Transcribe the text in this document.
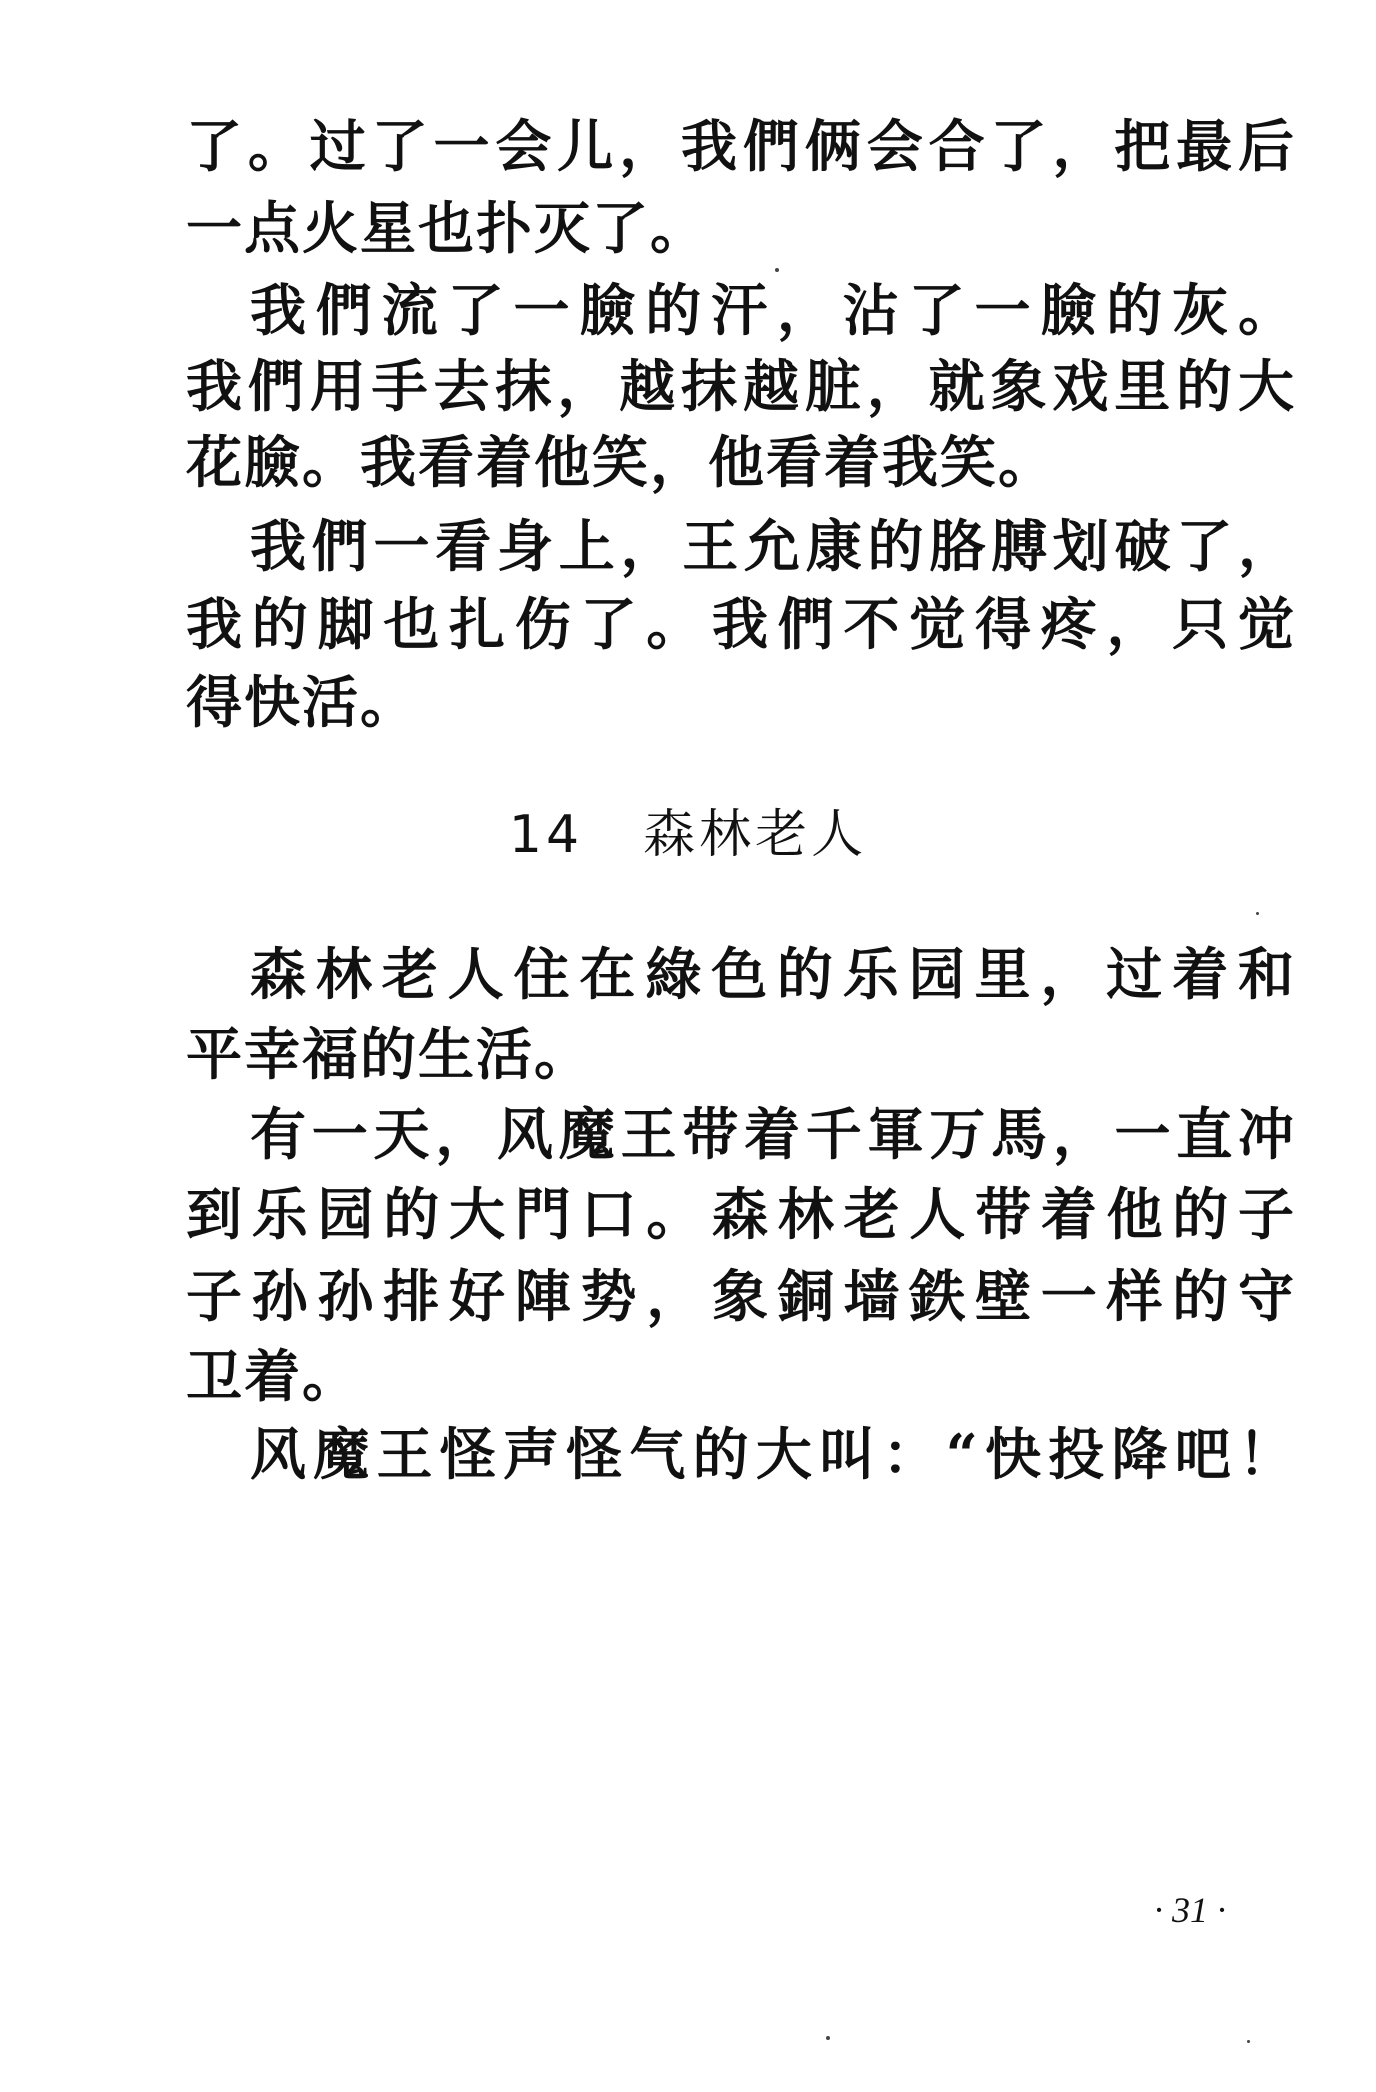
了。过了一会儿，我們俩会合了，把最后
一点火星也扑灭了。
我們流了一臉的汗，沾了一臉的灰。
我們用手去抹，越抹越脏，就象戏里的大
花臉。我看着他笑，他看着我笑。
我們一看身上，王允康的胳膊划破了，
我的脚也扎伤了。我們不觉得疼，只觉
得快活。
14 森林老人
森林老人住在綠色的乐园里，过着和
平幸福的生活。
有一天，风魔王带着千軍万馬，一直冲
到乐园的大門口。森林老人带着他的子
子孙孙排好陣势，象銅墙鉄壁一样的守
卫着。
风魔王怪声怪气的大叫：“快投降吧！
· 31 ·
